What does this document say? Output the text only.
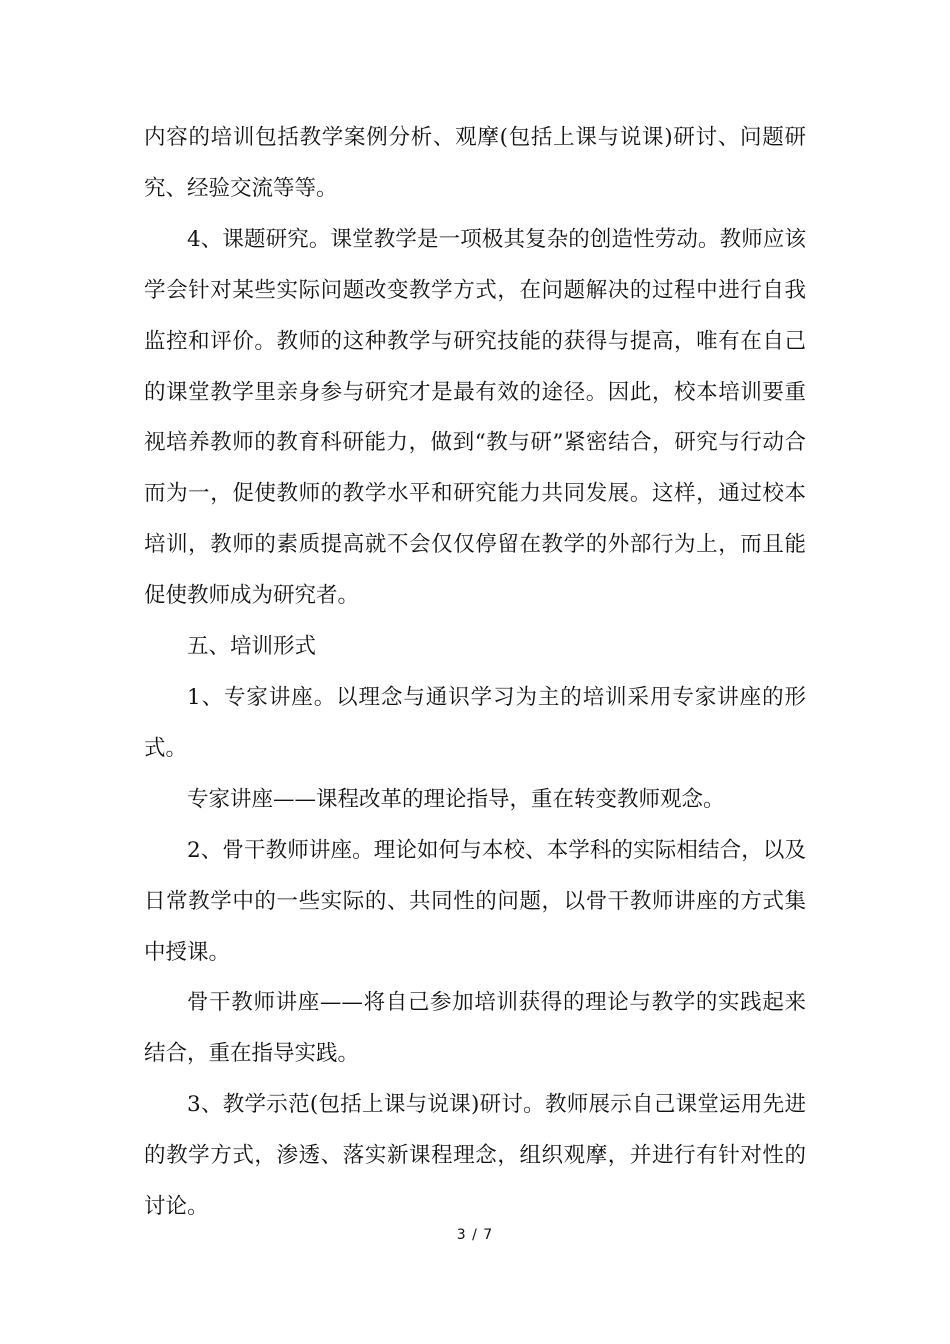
内容的培训包括教学案例分析、观摩(包括上课与说课)研讨、问题研究、经验交流等等。

4、课题研究。课堂教学是一项极其复杂的创造性劳动。教师应该学会针对某些实际问题改变教学方式，在问题解决的过程中进行自我监控和评价。教师的这种教学与研究技能的获得与提高，唯有在自己的课堂教学里亲身参与研究才是最有效的途径。因此，校本培训要重视培养教师的教育科研能力，做到“教与研”紧密结合，研究与行动合而为一，促使教师的教学水平和研究能力共同发展。这样，通过校本培训，教师的素质提高就不会仅仅停留在教学的外部行为上，而且能促使教师成为研究者。

五、培训形式

1、专家讲座。以理念与通识学习为主的培训采用专家讲座的形式。

专家讲座——课程改革的理论指导，重在转变教师观念。

2、骨干教师讲座。理论如何与本校、本学科的实际相结合，以及日常教学中的一些实际的、共同性的问题，以骨干教师讲座的方式集中授课。

骨干教师讲座——将自己参加培训获得的理论与教学的实践起来结合，重在指导实践。

3、教学示范(包括上课与说课)研讨。教师展示自己课堂运用先进的教学方式，渗透、落实新课程理念，组织观摩，并进行有针对性的讨论。

3 / 7
